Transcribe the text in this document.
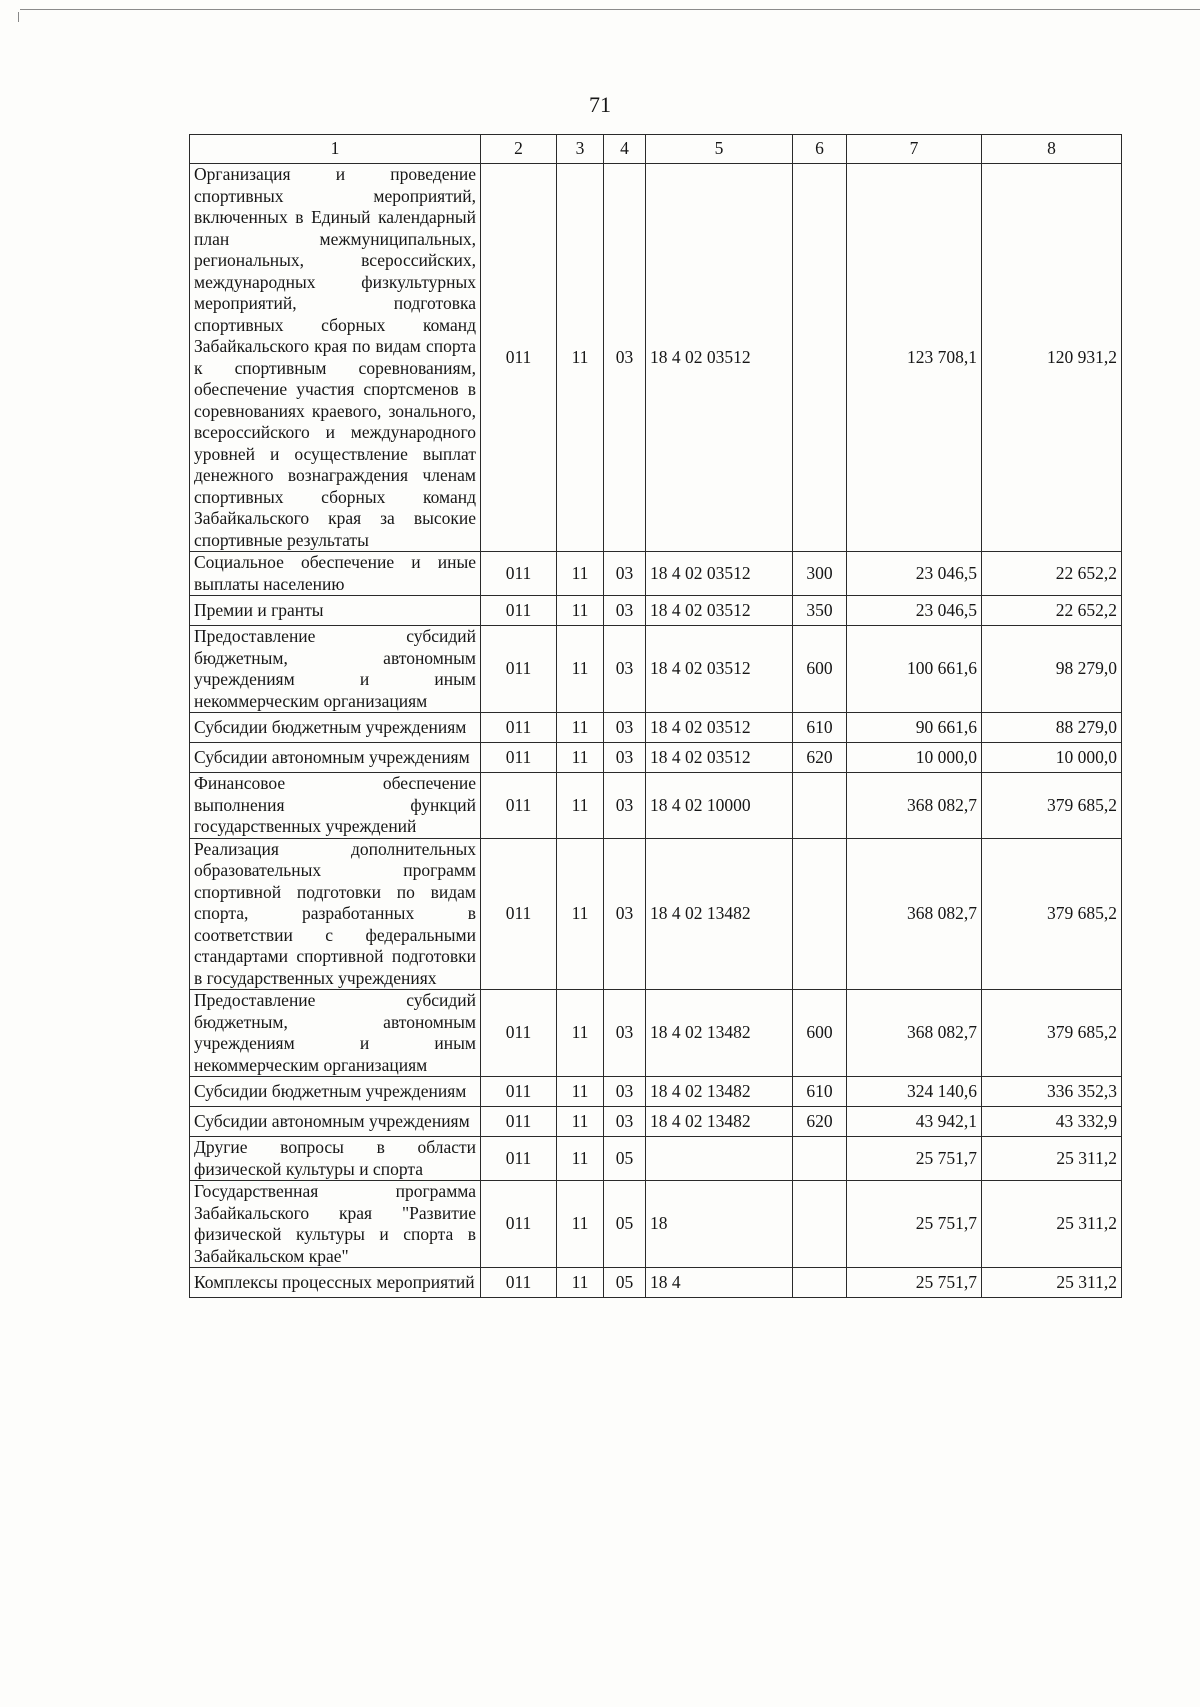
71
1	2	3	4	5	6	7	8
Организация и проведение спортивных мероприятий, включенных в Единый календарный план межмуниципальных, региональных, всероссийских, международных физкультурных мероприятий, подготовка спортивных сборных команд Забайкальского края по видам спорта к спортивным соревнованиям, обеспечение участия спортсменов в соревнованиях краевого, зонального, всероссийского и международного уровней и осуществление выплат денежного вознаграждения членам спортивных сборных команд Забайкальского края за высокие спортивные результаты	011	11	03	18 4 02 03512		123 708,1	120 931,2
Социальное обеспечение и иные выплаты населению	011	11	03	18 4 02 03512	300	23 046,5	22 652,2
Премии и гранты	011	11	03	18 4 02 03512	350	23 046,5	22 652,2
Предоставление субсидий бюджетным, автономным учреждениям и иным некоммерческим организациям	011	11	03	18 4 02 03512	600	100 661,6	98 279,0
Субсидии бюджетным учреждениям	011	11	03	18 4 02 03512	610	90 661,6	88 279,0
Субсидии автономным учреждениям	011	11	03	18 4 02 03512	620	10 000,0	10 000,0
Финансовое обеспечение выполнения функций государственных учреждений	011	11	03	18 4 02 10000		368 082,7	379 685,2
Реализация дополнительных образовательных программ спортивной подготовки по видам спорта, разработанных в соответствии с федеральными стандартами спортивной подготовки в государственных учреждениях	011	11	03	18 4 02 13482		368 082,7	379 685,2
Предоставление субсидий бюджетным, автономным учреждениям и иным некоммерческим организациям	011	11	03	18 4 02 13482	600	368 082,7	379 685,2
Субсидии бюджетным учреждениям	011	11	03	18 4 02 13482	610	324 140,6	336 352,3
Субсидии автономным учреждениям	011	11	03	18 4 02 13482	620	43 942,1	43 332,9
Другие вопросы в области физической культуры и спорта	011	11	05			25 751,7	25 311,2
Государственная программа Забайкальского края "Развитие физической культуры и спорта в Забайкальском крае"	011	11	05	18		25 751,7	25 311,2
Комплексы процессных мероприятий	011	11	05	18 4		25 751,7	25 311,2
